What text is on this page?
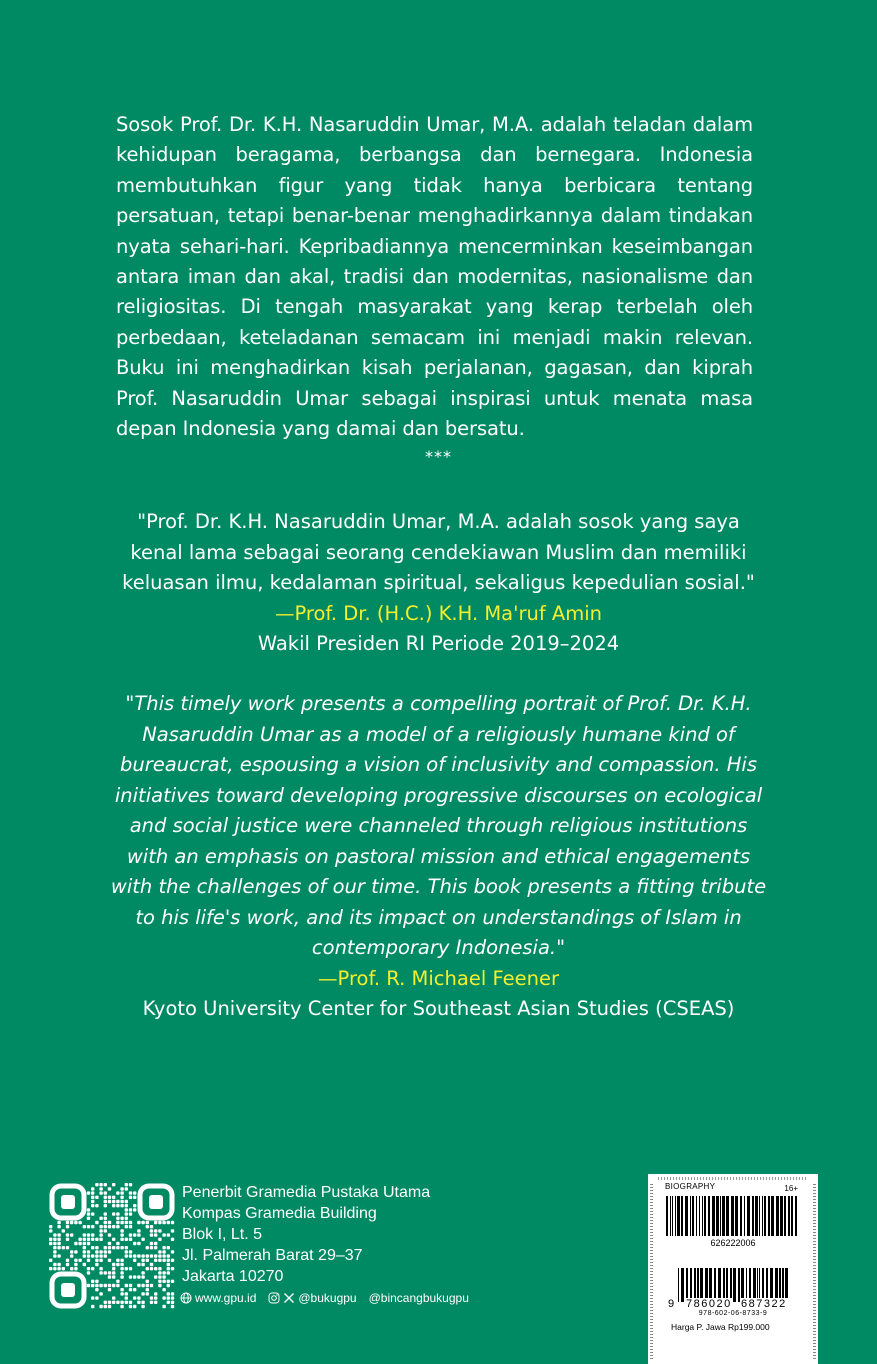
Sosok Prof. Dr. K.H. Nasaruddin Umar, M.A. adalah teladan dalam kehidupan beragama, berbangsa dan bernegara. Indonesia membutuhkan figur yang tidak hanya berbicara tentang persatuan, tetapi benar-benar menghadirkannya dalam tindakan nyata sehari-hari. Kepribadiannya mencerminkan keseimbangan antara iman dan akal, tradisi dan modernitas, nasionalisme dan religiositas. Di tengah masyarakat yang kerap terbelah oleh perbedaan, keteladanan semacam ini menjadi makin relevan. Buku ini menghadirkan kisah perjalanan, gagasan, dan kiprah Prof. Nasaruddin Umar sebagai inspirasi untuk menata masa depan Indonesia yang damai dan bersatu.

***

"Prof. Dr. K.H. Nasaruddin Umar, M.A. adalah sosok yang saya kenal lama sebagai seorang cendekiawan Muslim dan memiliki keluasan ilmu, kedalaman spiritual, sekaligus kepedulian sosial."
—Prof. Dr. (H.C.) K.H. Ma'ruf Amin
Wakil Presiden RI Periode 2019–2024

"This timely work presents a compelling portrait of Prof. Dr. K.H. Nasaruddin Umar as a model of a religiously humane kind of bureaucrat, espousing a vision of inclusivity and compassion. His initiatives toward developing progressive discourses on ecological and social justice were channeled through religious institutions with an emphasis on pastoral mission and ethical engagements with the challenges of our time. This book presents a fitting tribute to his life's work, and its impact on understandings of Islam in contemporary Indonesia."
—Prof. R. Michael Feener
Kyoto University Center for Southeast Asian Studies (CSEAS)

Penerbit Gramedia Pustaka Utama
Kompas Gramedia Building
Blok I, Lt. 5
Jl. Palmerah Barat 29–37
Jakarta 10270
www.gpu.id	@bukugpu @bincangbukugpu
BIOGRAPHY	16+
626222006
9 786020 687322
978-602-06-8733-9
Harga P. Jawa Rp199.000
